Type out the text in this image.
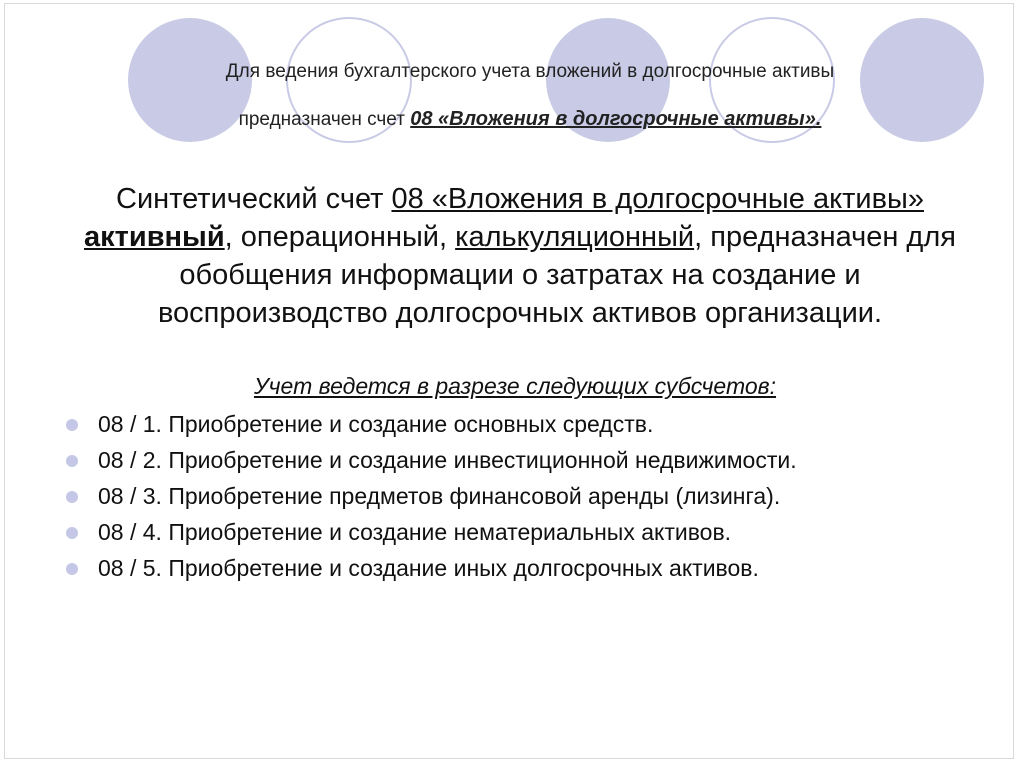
Для ведения бухгалтерского учета вложений в долгосрочные активы
предназначен счет 08 «Вложения в долгосрочные активы».
Синтетический счет 08 «Вложения в долгосрочные активы» активный, операционный, калькуляционный, предназначен для обобщения информации о затратах на создание и воспроизводство долгосрочных активов организации.
Учет ведется в разрезе следующих субсчетов:
08 / 1. Приобретение и создание основных средств.
08 / 2. Приобретение и создание инвестиционной недвижимости.
08 / 3. Приобретение предметов финансовой аренды (лизинга).
08 / 4. Приобретение и создание нематериальных активов.
08 / 5. Приобретение и создание иных долгосрочных активов.
